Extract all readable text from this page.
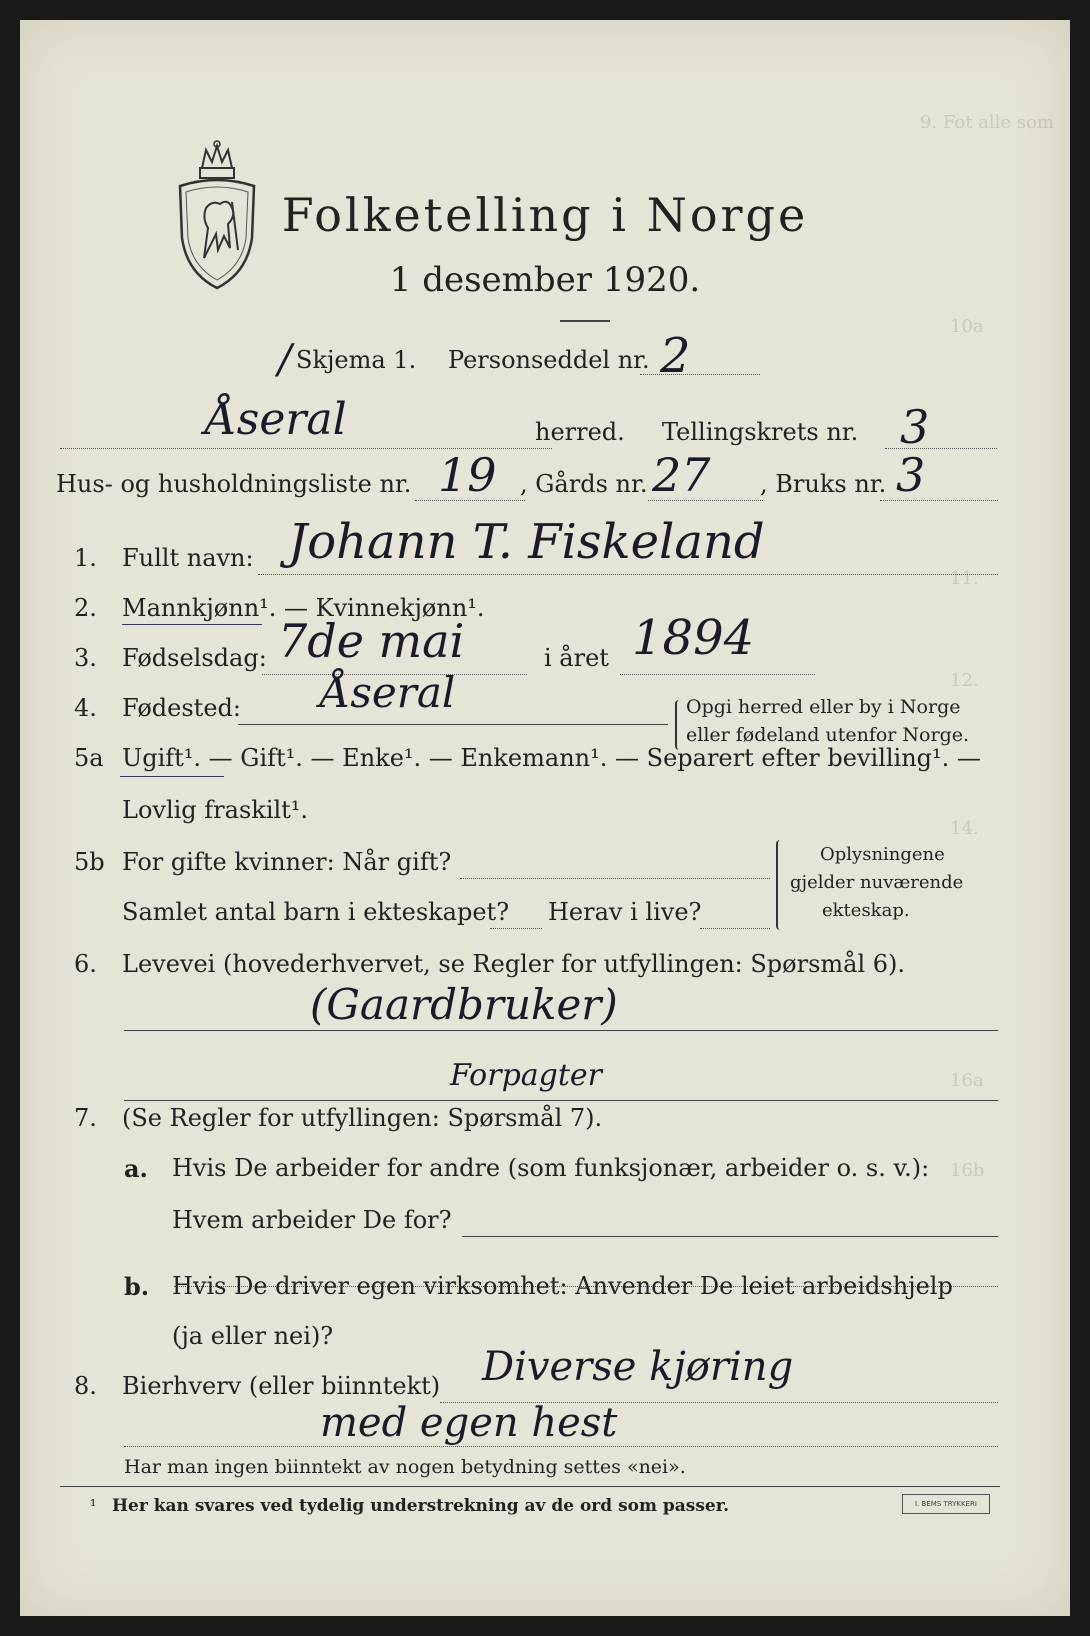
9. Fot alle som
10a
11.
12.
14.
16a
16b
Folketelling i Norge
1 desember 1920.
/ Skjema 1. Personseddel nr. 2
Åseral	herred. Tellingskrets nr. 3
Hus- og husholdningsliste nr. 19 , Gårds nr. 27 , Bruks nr. 3
1. Fullt navn: Johann T. Fiskeland
2. Mannkjønn¹. — Kvinnekjønn¹.
3. Fødselsdag: 7de mai	i året 1894
4. Fødested: Åseral	Opgi herred eller by i Norge
eller fødeland utenfor Norge.
5a Ugift¹. — Gift¹. — Enke¹. — Enkemann¹. — Separert efter bevilling¹. —
Lovlig fraskilt¹.
5b For gifte kvinner: Når gift?
Samlet antal barn i ekteskapet? Herav i live?
Oplysningene
gjelder nuværende
ekteskap.
6. Levevei (hovederhvervet, se Regler for utfyllingen: Spørsmål 6).
(Gaardbruker)
Forpagter
7. (Se Regler for utfyllingen: Spørsmål 7).
a. Hvis De arbeider for andre (som funksjonær, arbeider o. s. v.):
Hvem arbeider De for?
b. Hvis De driver egen virksomhet: Anvender De leiet arbeidshjelp
(ja eller nei)?
8. Bierhverv (eller biinntekt) Diverse kjøring
med egen hest
Har man ingen biinntekt av nogen betydning settes «nei».
¹ Her kan svares ved tydelig understrekning av de ord som passer.	I. BEMS TRYKKERI
